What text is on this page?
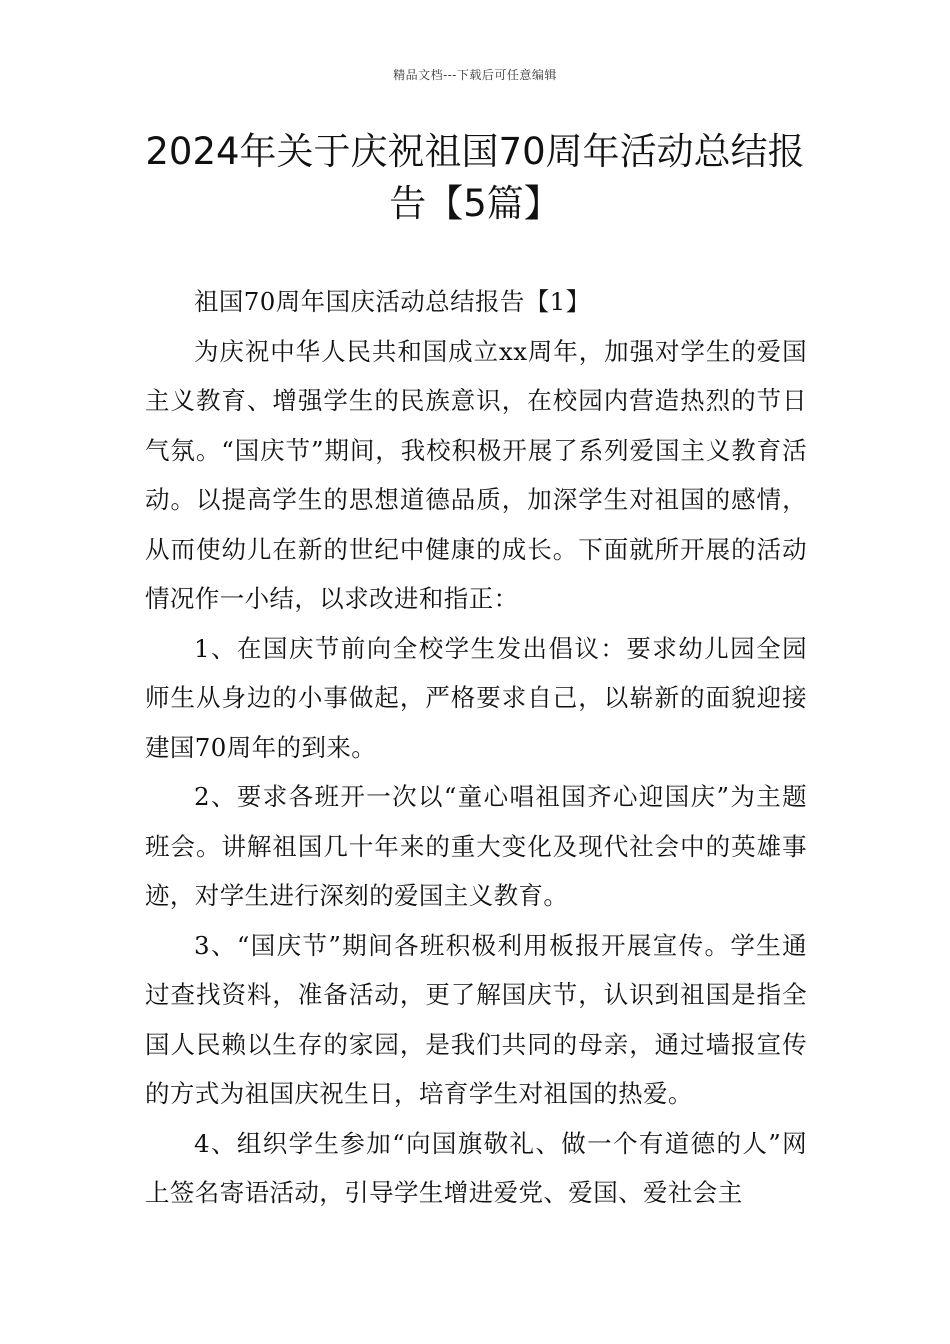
精品文档---下载后可任意编辑
2024年关于庆祝祖国70周年活动总结报告【5篇】

祖国70周年国庆活动总结报告【1】

为庆祝中华人民共和国成立xx周年，加强对学生的爱国主义教育、增强学生的民族意识，在校园内营造热烈的节日气氛。“国庆节”期间，我校积极开展了系列爱国主义教育活动。以提高学生的思想道德品质，加深学生对祖国的感情，从而使幼儿在新的世纪中健康的成长。下面就所开展的活动情况作一小结，以求改进和指正：

1、在国庆节前向全校学生发出倡议：要求幼儿园全园师生从身边的小事做起，严格要求自己，以崭新的面貌迎接建国70周年的到来。

2、要求各班开一次以“童心唱祖国齐心迎国庆”为主题班会。讲解祖国几十年来的重大变化及现代社会中的英雄事迹，对学生进行深刻的爱国主义教育。

3、“国庆节”期间各班积极利用板报开展宣传。学生通过查找资料，准备活动，更了解国庆节，认识到祖国是指全国人民赖以生存的家园，是我们共同的母亲，通过墙报宣传的方式为祖国庆祝生日，培育学生对祖国的热爱。

4、组织学生参加“向国旗敬礼、做一个有道德的人”网上签名寄语活动，引导学生增进爱党、爱国、爱社会主
